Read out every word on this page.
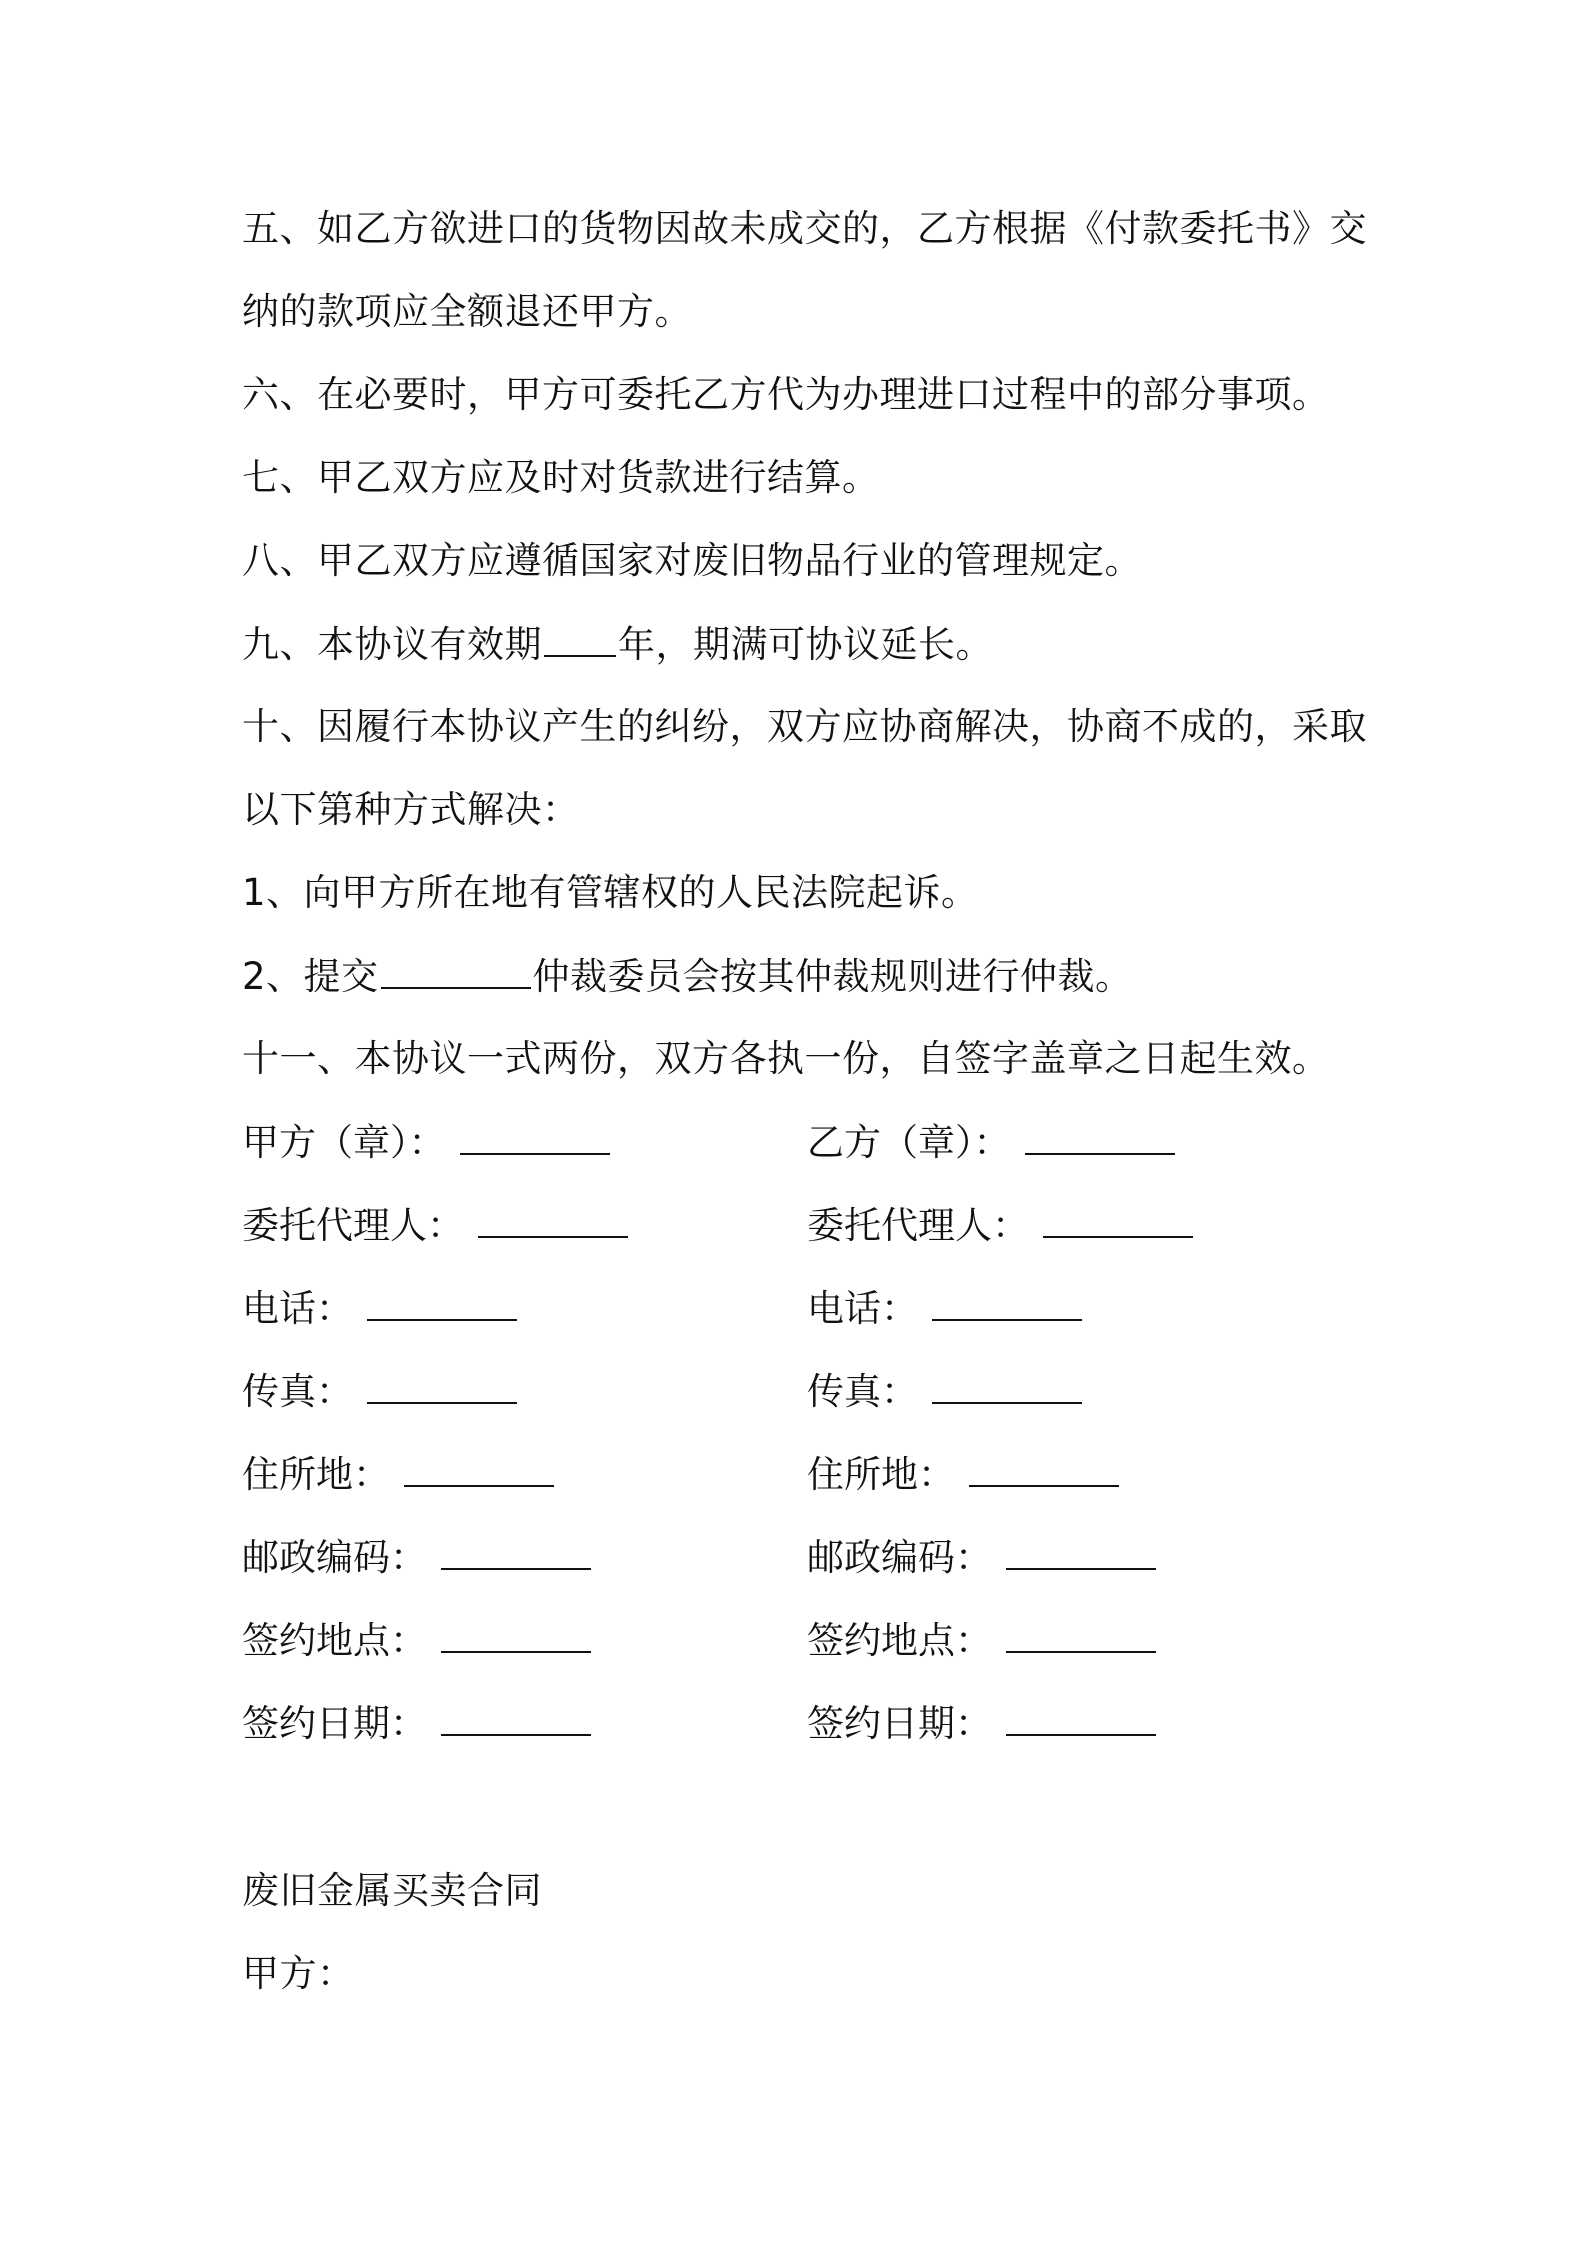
五、如乙方欲进口的货物因故未成交的，乙方根据《付款委托书》交
纳的款项应全额退还甲方。
六、在必要时，甲方可委托乙方代为办理进口过程中的部分事项。
七、甲乙双方应及时对货款进行结算。
八、甲乙双方应遵循国家对废旧物品行业的管理规定。
九、本协议有效期 年，期满可协议延长。
十、因履行本协议产生的纠纷，双方应协商解决，协商不成的，采取
以下第种方式解决：
1、向甲方所在地有管辖权的人民法院起诉。
2、提交	仲裁委员会按其仲裁规则进行仲裁。
十一、本协议一式两份，双方各执一份，自签字盖章之日起生效。
甲方（章）：	乙方（章）：
委托代理人：	委托代理人：
电话：	电话：
传真：	传真：
住所地：	住所地：
邮政编码：	邮政编码：
签约地点：	签约地点：
签约日期：	签约日期：
废旧金属买卖合同
甲方：
